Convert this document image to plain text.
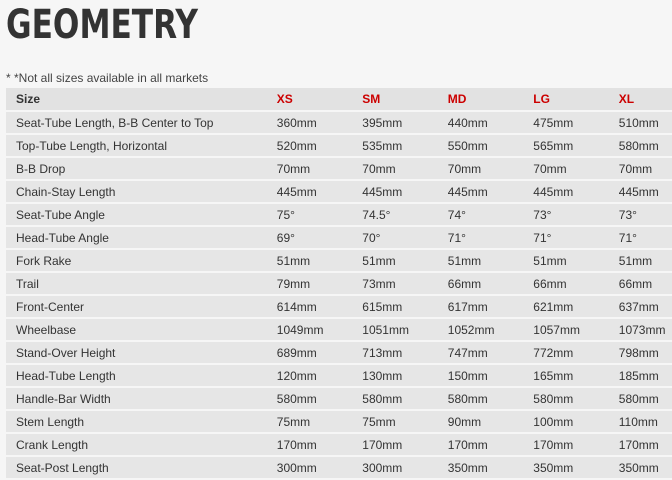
GEOMETRY
* *Not all sizes available in all markets
Size	XS	SM	MD	LG	XL
Seat-Tube Length, B-B Center to Top	360mm	395mm	440mm	475mm	510mm
Top-Tube Length, Horizontal	520mm	535mm	550mm	565mm	580mm
B-B Drop	70mm	70mm	70mm	70mm	70mm
Chain-Stay Length	445mm	445mm	445mm	445mm	445mm
Seat-Tube Angle	75°	74.5°	74°	73°	73°
Head-Tube Angle	69°	70°	71°	71°	71°
Fork Rake	51mm	51mm	51mm	51mm	51mm
Trail	79mm	73mm	66mm	66mm	66mm
Front-Center	614mm	615mm	617mm	621mm	637mm
Wheelbase	1049mm	1051mm	1052mm	1057mm	1073mm
Stand-Over Height	689mm	713mm	747mm	772mm	798mm
Head-Tube Length	120mm	130mm	150mm	165mm	185mm
Handle-Bar Width	580mm	580mm	580mm	580mm	580mm
Stem Length	75mm	75mm	90mm	100mm	110mm
Crank Length	170mm	170mm	170mm	170mm	170mm
Seat-Post Length	300mm	300mm	350mm	350mm	350mm
